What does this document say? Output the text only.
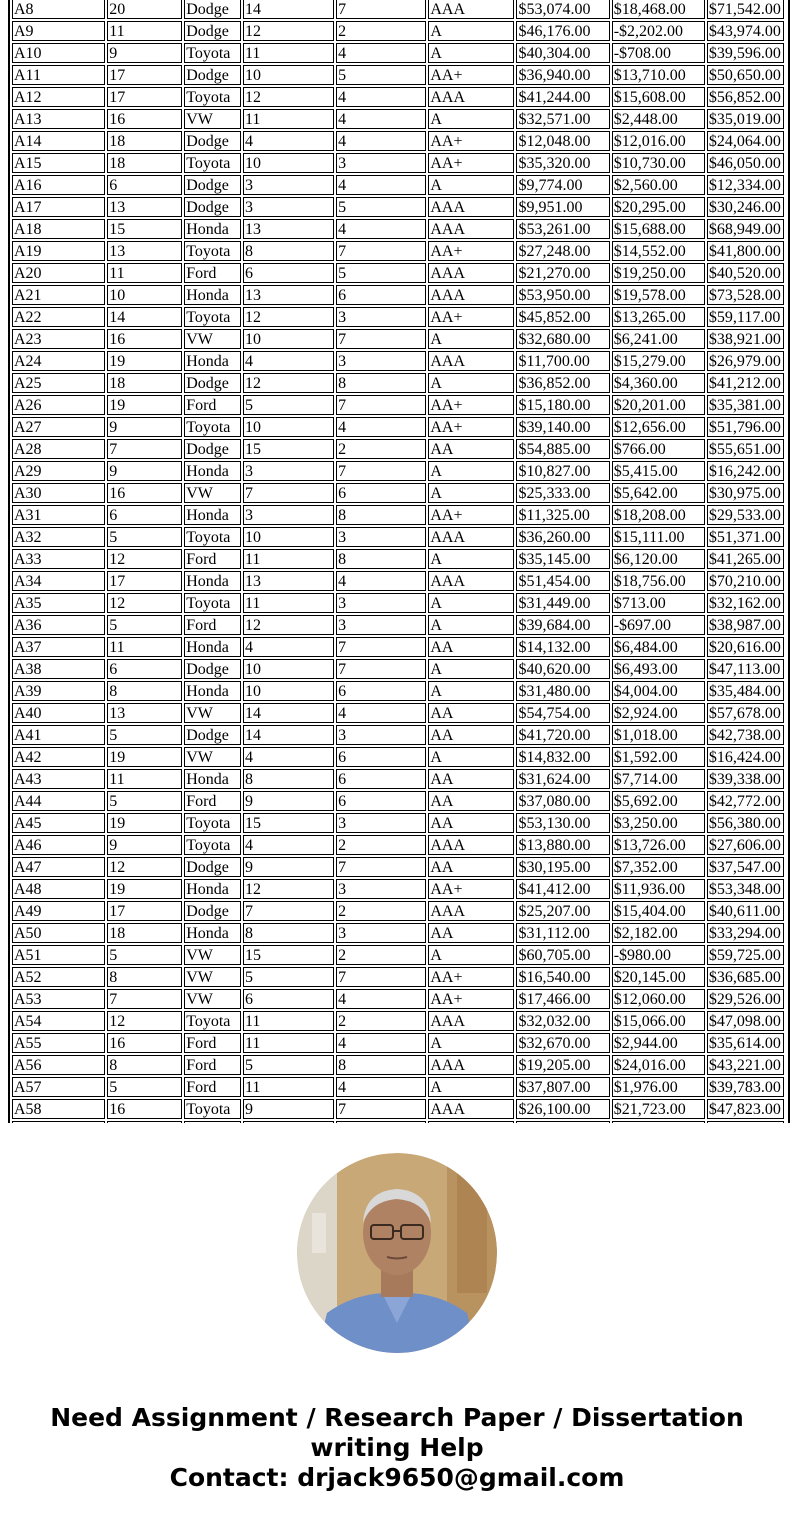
A8	20	Dodge	14	7	AAA	$53,074.00	$18,468.00	$71,542.00
A9	11	Dodge	12	2	A	$46,176.00	-$2,202.00	$43,974.00
A10	9	Toyota	11	4	A	$40,304.00	-$708.00	$39,596.00
A11	17	Dodge	10	5	AA+	$36,940.00	$13,710.00	$50,650.00
A12	17	Toyota	12	4	AAA	$41,244.00	$15,608.00	$56,852.00
A13	16	VW	11	4	A	$32,571.00	$2,448.00	$35,019.00
A14	18	Dodge	4	4	AA+	$12,048.00	$12,016.00	$24,064.00
A15	18	Toyota	10	3	AA+	$35,320.00	$10,730.00	$46,050.00
A16	6	Dodge	3	4	A	$9,774.00	$2,560.00	$12,334.00
A17	13	Dodge	3	5	AAA	$9,951.00	$20,295.00	$30,246.00
A18	15	Honda	13	4	AAA	$53,261.00	$15,688.00	$68,949.00
A19	13	Toyota	8	7	AA+	$27,248.00	$14,552.00	$41,800.00
A20	11	Ford	6	5	AAA	$21,270.00	$19,250.00	$40,520.00
A21	10	Honda	13	6	AAA	$53,950.00	$19,578.00	$73,528.00
A22	14	Toyota	12	3	AA+	$45,852.00	$13,265.00	$59,117.00
A23	16	VW	10	7	A	$32,680.00	$6,241.00	$38,921.00
A24	19	Honda	4	3	AAA	$11,700.00	$15,279.00	$26,979.00
A25	18	Dodge	12	8	A	$36,852.00	$4,360.00	$41,212.00
A26	19	Ford	5	7	AA+	$15,180.00	$20,201.00	$35,381.00
A27	9	Toyota	10	4	AA+	$39,140.00	$12,656.00	$51,796.00
A28	7	Dodge	15	2	AA	$54,885.00	$766.00	$55,651.00
A29	9	Honda	3	7	A	$10,827.00	$5,415.00	$16,242.00
A30	16	VW	7	6	A	$25,333.00	$5,642.00	$30,975.00
A31	6	Honda	3	8	AA+	$11,325.00	$18,208.00	$29,533.00
A32	5	Toyota	10	3	AAA	$36,260.00	$15,111.00	$51,371.00
A33	12	Ford	11	8	A	$35,145.00	$6,120.00	$41,265.00
A34	17	Honda	13	4	AAA	$51,454.00	$18,756.00	$70,210.00
A35	12	Toyota	11	3	A	$31,449.00	$713.00	$32,162.00
A36	5	Ford	12	3	A	$39,684.00	-$697.00	$38,987.00
A37	11	Honda	4	7	AA	$14,132.00	$6,484.00	$20,616.00
A38	6	Dodge	10	7	A	$40,620.00	$6,493.00	$47,113.00
A39	8	Honda	10	6	A	$31,480.00	$4,004.00	$35,484.00
A40	13	VW	14	4	AA	$54,754.00	$2,924.00	$57,678.00
A41	5	Dodge	14	3	AA	$41,720.00	$1,018.00	$42,738.00
A42	19	VW	4	6	A	$14,832.00	$1,592.00	$16,424.00
A43	11	Honda	8	6	AA	$31,624.00	$7,714.00	$39,338.00
A44	5	Ford	9	6	AA	$37,080.00	$5,692.00	$42,772.00
A45	19	Toyota	15	3	AA	$53,130.00	$3,250.00	$56,380.00
A46	9	Toyota	4	2	AAA	$13,880.00	$13,726.00	$27,606.00
A47	12	Dodge	9	7	AA	$30,195.00	$7,352.00	$37,547.00
A48	19	Honda	12	3	AA+	$41,412.00	$11,936.00	$53,348.00
A49	17	Dodge	7	2	AAA	$25,207.00	$15,404.00	$40,611.00
A50	18	Honda	8	3	AA	$31,112.00	$2,182.00	$33,294.00
A51	5	VW	15	2	A	$60,705.00	-$980.00	$59,725.00
A52	8	VW	5	7	AA+	$16,540.00	$20,145.00	$36,685.00
A53	7	VW	6	4	AA+	$17,466.00	$12,060.00	$29,526.00
A54	12	Toyota	11	2	AAA	$32,032.00	$15,066.00	$47,098.00
A55	16	Ford	11	4	A	$32,670.00	$2,944.00	$35,614.00
A56	8	Ford	5	8	AAA	$19,205.00	$24,016.00	$43,221.00
A57	5	Ford	11	4	A	$37,807.00	$1,976.00	$39,783.00
A58	16	Toyota	9	7	AAA	$26,100.00	$21,723.00	$47,823.00

Need Assignment / Research Paper / Dissertation
writing Help
Contact: drjack9650@gmail.com
